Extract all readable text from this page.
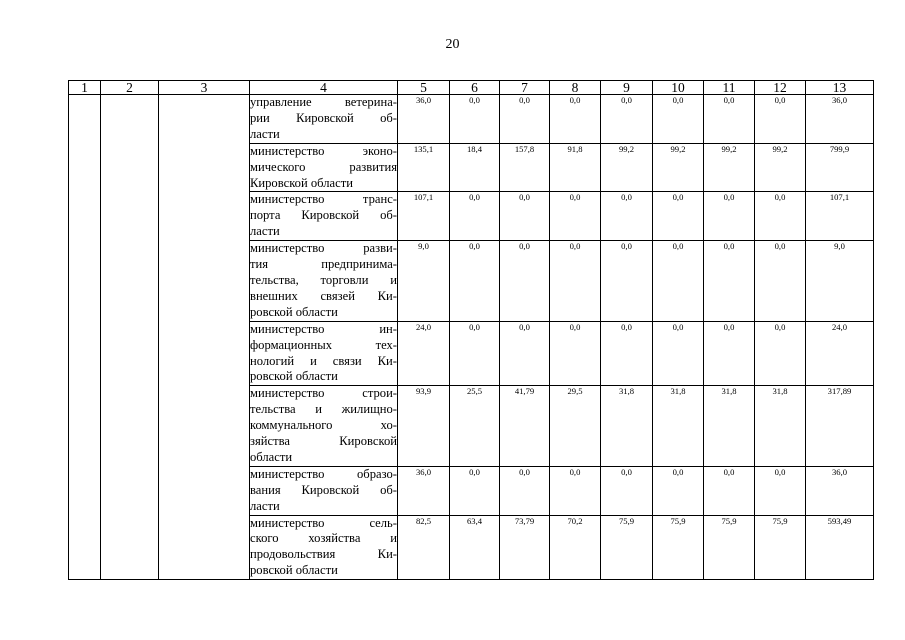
20
1	2	3	4	5	6	7	8	9	10	11	12	13

			управление ветерина-
рии Кировской об-
ласти	36,0	0,0	0,0	0,0	0,0	0,0	0,0	0,0	36,0

			министерство эконо-
мического развития
Кировской области	135,1	18,4	157,8	91,8	99,2	99,2	99,2	99,2	799,9

			министерство транс-
порта Кировской об-
ласти	107,1	0,0	0,0	0,0	0,0	0,0	0,0	0,0	107,1

			министерство разви-
тия предпринима-
тельства, торговли и
внешних связей Ки-
ровской области	9,0	0,0	0,0	0,0	0,0	0,0	0,0	0,0	9,0

			министерство ин-
формационных тех-
нологий и связи Ки-
ровской области	24,0	0,0	0,0	0,0	0,0	0,0	0,0	0,0	24,0

			министерство строи-
тельства и жилищно-
коммунального хо-
зяйства Кировской
области	93,9	25,5	41,79	29,5	31,8	31,8	31,8	31,8	317,89

			министерство образо-
вания Кировской об-
ласти	36,0	0,0	0,0	0,0	0,0	0,0	0,0	0,0	36,0

			министерство сель-
ского хозяйства и
продовольствия Ки-
ровской области	82,5	63,4	73,79	70,2	75,9	75,9	75,9	75,9	593,49
